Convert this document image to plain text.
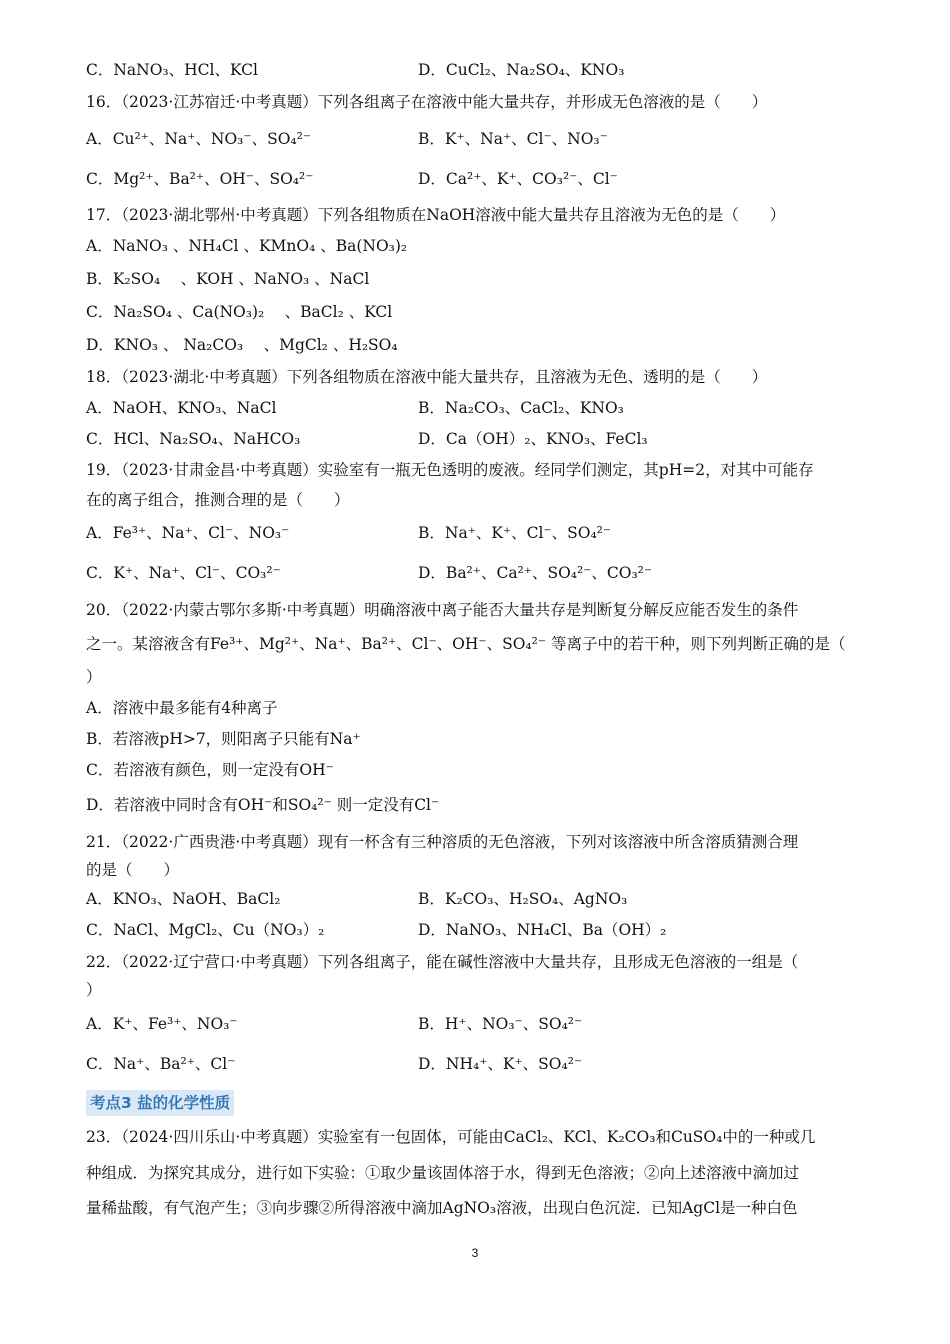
C．NaNO₃、HCl、KCl	D．CuCl₂、Na₂SO₄、KNO₃
16．（2023·江苏宿迁·中考真题）下列各组离子在溶液中能大量共存，并形成无色溶液的是（　　）
A．Cu²⁺、Na⁺、NO₃⁻、SO₄²⁻	B．K⁺、Na⁺、Cl⁻、NO₃⁻
C．Mg²⁺、Ba²⁺、OH⁻、SO₄²⁻	D．Ca²⁺、K⁺、CO₃²⁻、Cl⁻
17．（2023·湖北鄂州·中考真题）下列各组物质在NaOH溶液中能大量共存且溶液为无色的是（　　）
A．NaNO₃ 、NH₄Cl 、KMnO₄ 、Ba(NO₃)₂
B．K₂SO₄　 、KOH 、NaNO₃ 、NaCl
C．Na₂SO₄ 、Ca(NO₃)₂　 、BaCl₂ 、KCl
D．KNO₃ 、 Na₂CO₃ 　、MgCl₂ 、H₂SO₄
18．（2023·湖北·中考真题）下列各组物质在溶液中能大量共存，且溶液为无色、透明的是（　　）
A．NaOH、KNO₃、NaCl	B．Na₂CO₃、CaCl₂、KNO₃
C．HCl、Na₂SO₄、NaHCO₃	D．Ca（OH）₂、KNO₃、FeCl₃
19．（2023·甘肃金昌·中考真题）实验室有一瓶无色透明的废液。经同学们测定，其pH=2，对其中可能存
在的离子组合，推测合理的是（　　）
A．Fe³⁺、Na⁺、Cl⁻、NO₃⁻	B．Na⁺、K⁺、Cl⁻、SO₄²⁻
C．K⁺、Na⁺、Cl⁻、CO₃²⁻	D．Ba²⁺、Ca²⁺、SO₄²⁻、CO₃²⁻
20．（2022·内蒙古鄂尔多斯·中考真题）明确溶液中离子能否大量共存是判断复分解反应能否发生的条件
之一。某溶液含有Fe³⁺、Mg²⁺、Na⁺、Ba²⁺、Cl⁻、OH⁻、SO₄²⁻ 等离子中的若干种，则下列判断正确的是（
）
A．溶液中最多能有4种离子
B．若溶液pH>7，则阳离子只能有Na⁺
C．若溶液有颜色，则一定没有OH⁻
D．若溶液中同时含有OH⁻和SO₄²⁻ 则一定没有Cl⁻
21．（2022·广西贵港·中考真题）现有一杯含有三种溶质的无色溶液，下列对该溶液中所含溶质猜测合理
的是（　　）
A．KNO₃、NaOH、BaCl₂	B．K₂CO₃、H₂SO₄、AgNO₃
C．NaCl、MgCl₂、Cu（NO₃）₂	D．NaNO₃、NH₄Cl、Ba（OH）₂
22．（2022·辽宁营口·中考真题）下列各组离子，能在碱性溶液中大量共存，且形成无色溶液的一组是（
）
A．K⁺、Fe³⁺、NO₃⁻	B．H⁺、NO₃⁻、SO₄²⁻
C．Na⁺、Ba²⁺、Cl⁻	D．NH₄⁺、K⁺、SO₄²⁻
考点3 盐的化学性质
23．（2024·四川乐山·中考真题）实验室有一包固体，可能由CaCl₂、KCl、K₂CO₃和CuSO₄中的一种或几
种组成．为探究其成分，进行如下实验：①取少量该固体溶于水，得到无色溶液；②向上述溶液中滴加过
量稀盐酸，有气泡产生；③向步骤②所得溶液中滴加AgNO₃溶液，出现白色沉淀．已知AgCl是一种白色
3
